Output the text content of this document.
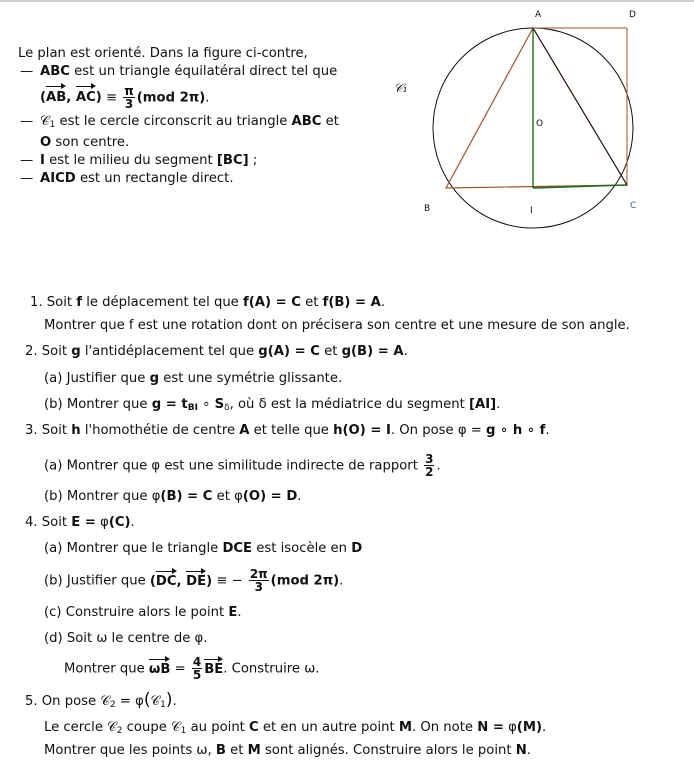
Le plan est orienté. Dans la figure ci-contre,
— ABC est un triangle équilatéral direct tel que
(AB, $AC) \equiv \frac{\pi}{3} (mod$ 2π).
— 𝒞1 est le cercle circonscrit au triangle ABC et
O son centre.
— I est le milieu du segment [BC] ;
— AICD est un rectangle direct.
A	D
O
B	I	C
𝒞₁
1. Soit f le déplacement tel que f(A) = C et f(B) = A.
Montrer que f est une rotation dont on précisera son centre et une mesure de son angle.
2. Soit g l'antidéplacement tel que g(A) = C et g(B) = A.
(a) Justifier que g est une symétrie glissante.
(b) Montrer que g = tBI ∘ Sδ, où δ est la médiatrice du segment [AI].
3. Soit h l'homothétie de centre A et telle que h(O) = I. On pose φ = g ∘ h ∘ f.
(a) Montrer que φ est une similitude indirecte de rapport $\frac{3}{2}$ .
(b) Montrer que φ(B) = C et φ(O) = D.
4. Soit E = φ(C).
(a) Montrer que le triangle DCE est isocèle en D
(b) Justifier que (DC, DE) ≡ − $\frac{2\pi}{3} (mod$ 2π).
(c) Construire alors le point E.
(d) Soit ω le centre de φ.
Montrer que $\omega B = \frac{4}{5}$ BE. Construire ω.
5. On pose 𝒞2 = φ(𝒞1).
Le cercle 𝒞2 coupe 𝒞1 au point C et en un autre point M. On note N = φ(M).
Montrer que les points ω, B et M sont alignés. Construire alors le point N.
